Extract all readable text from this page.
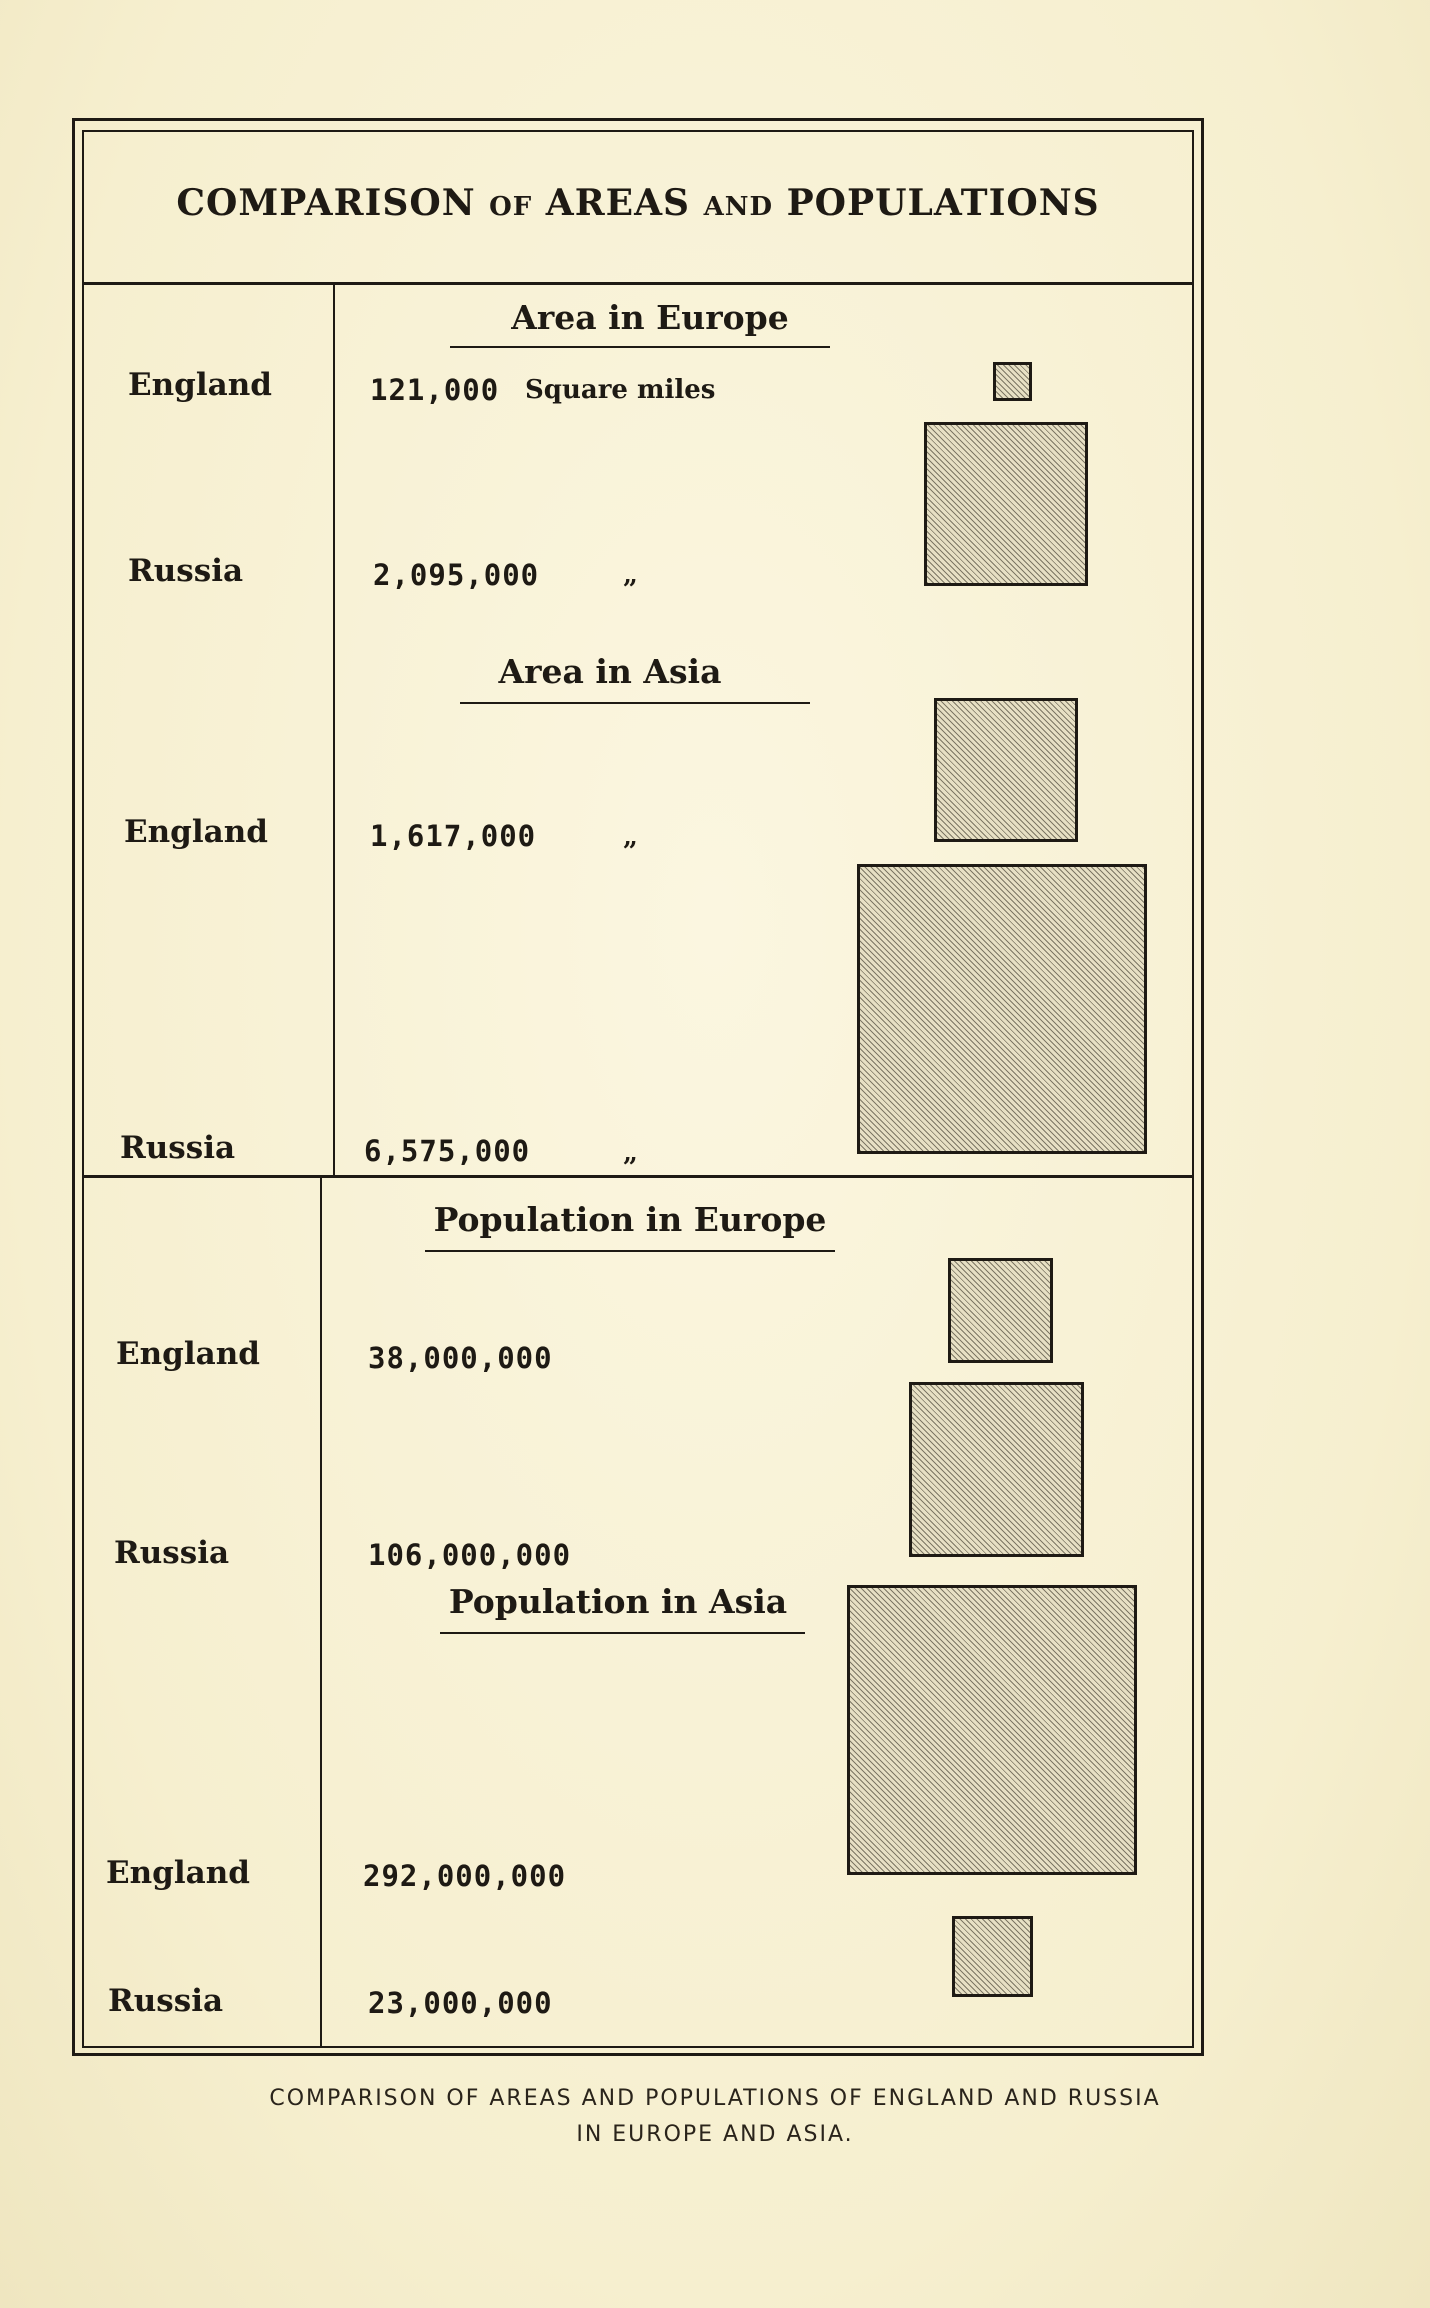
COMPARISON OF AREAS AND POPULATIONS
Area in Europe
England	121,000 Square miles
Russia	2,095,000	„
Area in Asia
England	1,617,000	„
Russia	6,575,000	„
Population in Europe
England	38,000,000
Russia	106,000,000
Population in Asia
England	292,000,000
Russia	23,000,000
COMPARISON OF AREAS AND POPULATIONS OF ENGLAND AND RUSSIA
IN EUROPE AND ASIA.
